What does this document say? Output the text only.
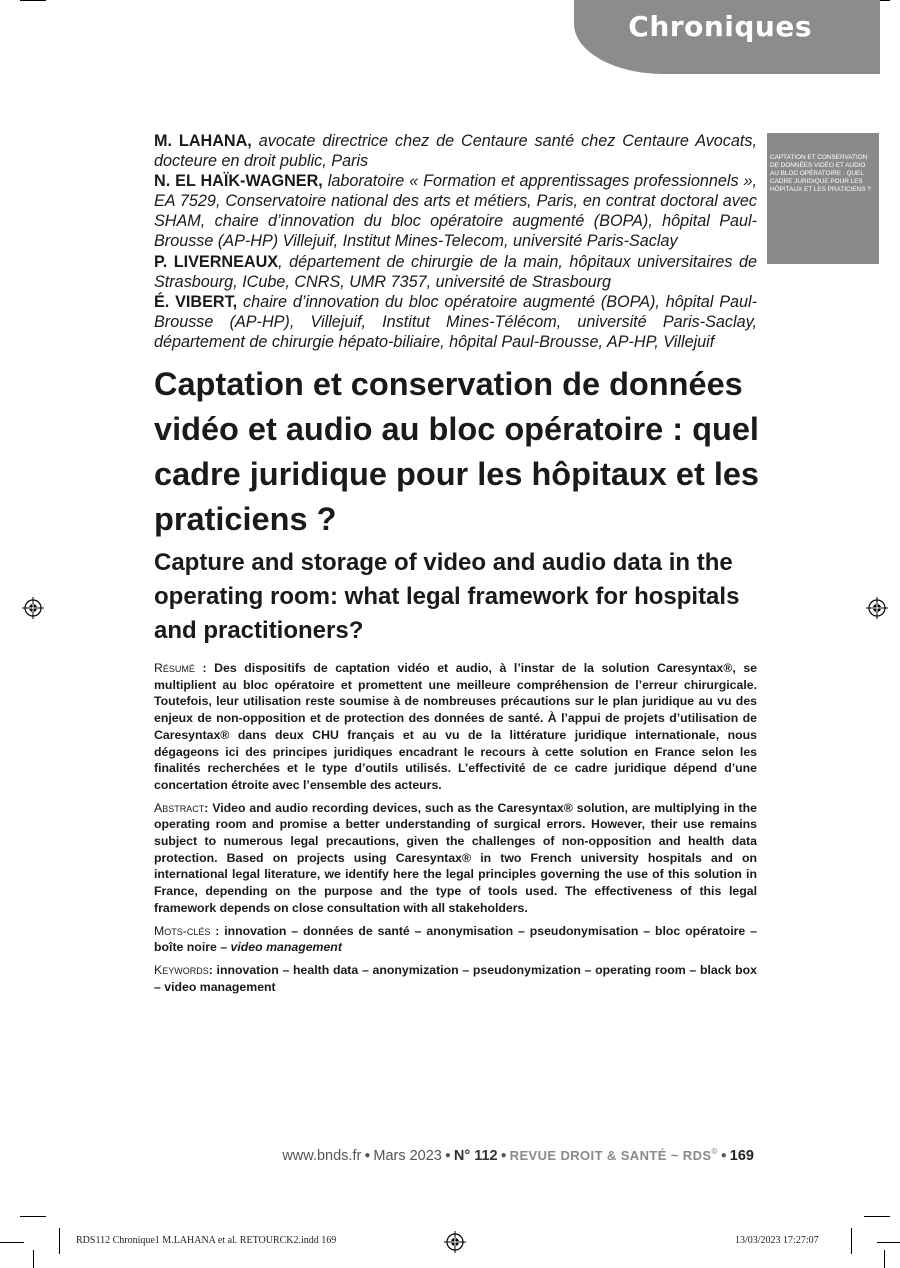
Chroniques

CAPTATION ET CONSERVATION DE DONNÉES VIDÉO ET AUDIO AU BLOC OPÉRATOIRE : QUEL CADRE JURIDIQUE POUR LES HÔPITAUX ET LES PRATICIENS ?

M. LAHANA, avocate directrice chez de Centaure santé chez Centaure Avocats, docteure en droit public, Paris

N. EL HAÏK-WAGNER, laboratoire « Formation et apprentissages professionnels », EA 7529, Conservatoire national des arts et métiers, Paris, en contrat doctoral avec SHAM, chaire d’innovation du bloc opératoire augmenté (BOPA), hôpital Paul-Brousse (AP-HP) Villejuif, Institut Mines-Telecom, université Paris-Saclay

P. LIVERNEAUX, département de chirurgie de la main, hôpitaux universitaires de Strasbourg, ICube, CNRS, UMR 7357, université de Strasbourg

É. VIBERT, chaire d’innovation du bloc opératoire augmenté (BOPA), hôpital Paul-Brousse (AP-HP), Villejuif, Institut Mines-Télécom, université Paris-Saclay, département de chirurgie hépato-biliaire, hôpital Paul-Brousse, AP-HP, Villejuif

Captation et conservation de données vidéo et audio au bloc opératoire : quel cadre juridique pour les hôpitaux et les praticiens ?
Capture and storage of video and audio data in the operating room: what legal framework for hospitals and practitioners?

Résumé : Des dispositifs de captation vidéo et audio, à l’instar de la solution Caresyntax®, se multiplient au bloc opératoire et promettent une meilleure compréhension de l’erreur chirurgicale. Toutefois, leur utilisation reste soumise à de nombreuses précautions sur le plan juridique au vu des enjeux de non-opposition et de protection des données de santé. À l’appui de projets d’utilisation de Caresyntax® dans deux CHU français et au vu de la littérature juridique internationale, nous dégageons ici des principes juridiques encadrant le recours à cette solution en France selon les finalités recherchées et le type d’outils utilisés. L’effectivité de ce cadre juridique dépend d’une concertation étroite avec l’ensemble des acteurs.

Abstract: Video and audio recording devices, such as the Caresyntax® solution, are multiplying in the operating room and promise a better understanding of surgical errors. However, their use remains subject to numerous legal precautions, given the challenges of non-opposition and health data protection. Based on projects using Caresyntax® in two French university hospitals and on international legal literature, we identify here the legal principles governing the use of this solution in France, depending on the purpose and the type of tools used. The effectiveness of this legal framework depends on close consultation with all stakeholders.

Mots-clés : innovation – données de santé – anonymisation – pseudonymisation – bloc opératoire – boîte noire – video management

Keywords: innovation – health data – anonymization – pseudonymization – operating room – black box – video management

www.bnds.fr ● Mars 2023 ● N° 112 ● REVUE DROIT & SANTÉ ~ RDS© ● 169
RDS112 Chronique1 M.LAHANA et al. RETOURCK2.indd 169	13/03/2023 17:27:07
